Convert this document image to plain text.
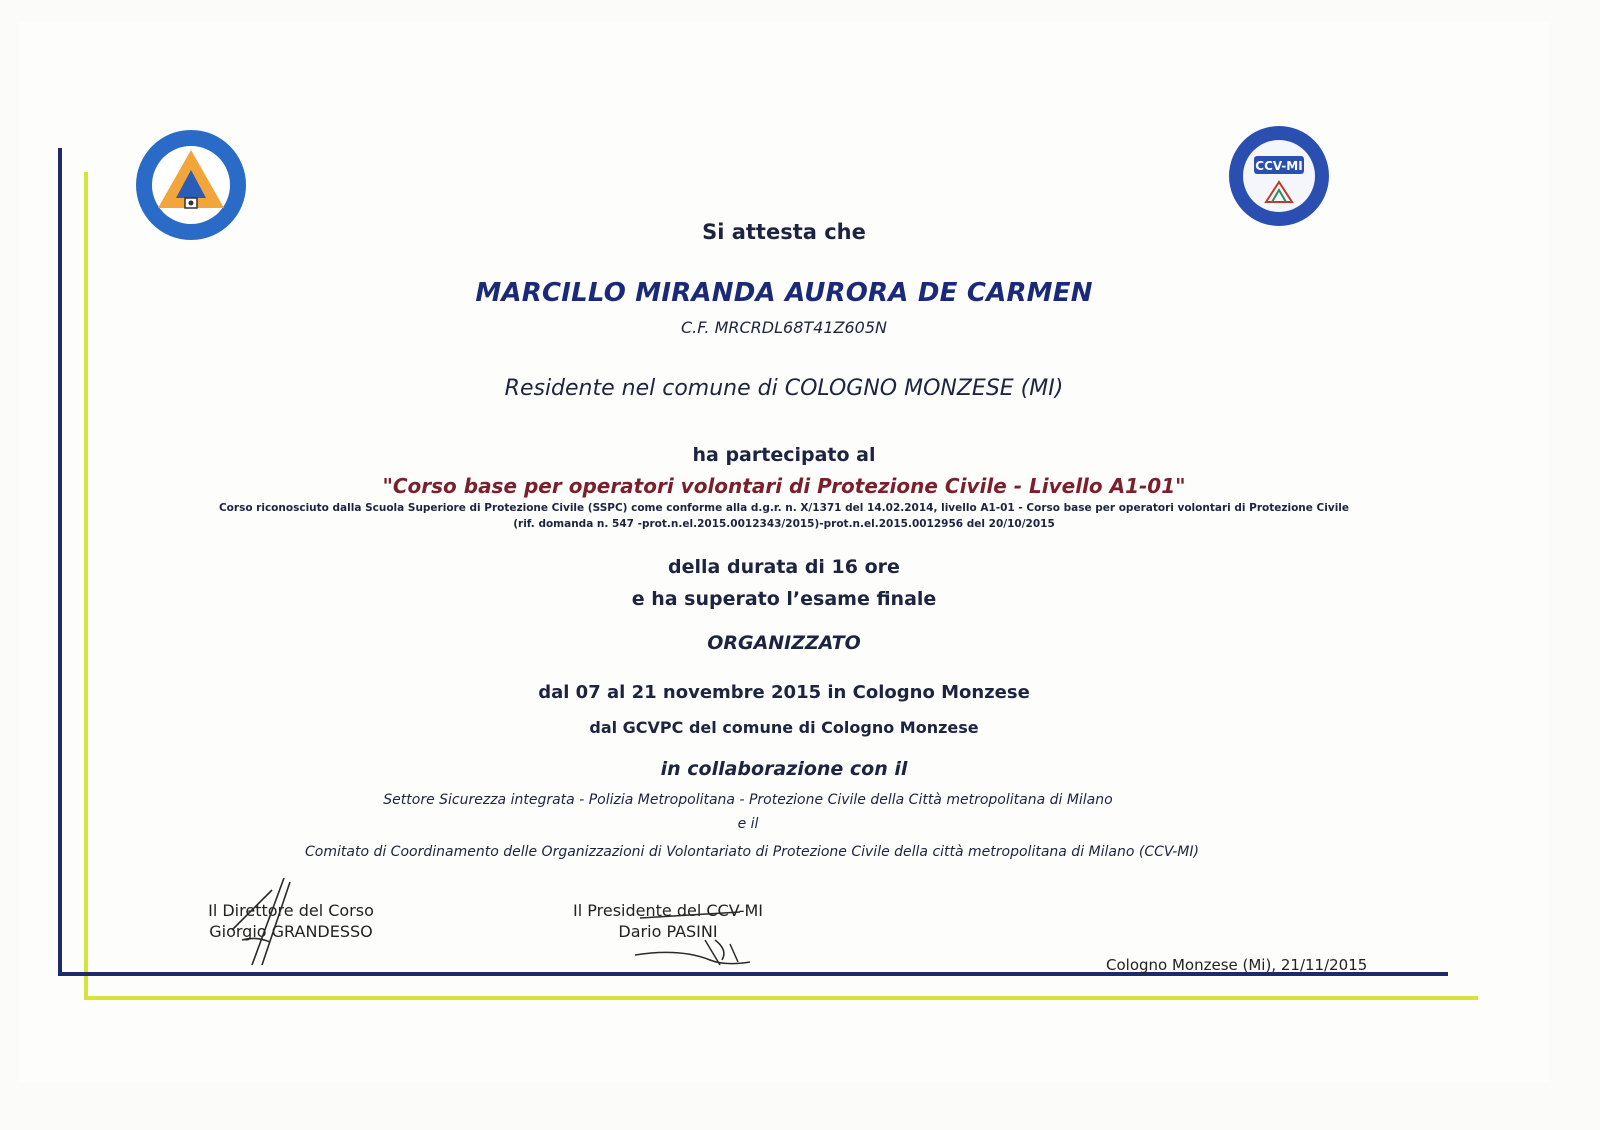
CCV-MI
Si attesta che
MARCILLO MIRANDA AURORA DE CARMEN
C.F. MRCRDL68T41Z605N
Residente nel comune di COLOGNO MONZESE (MI)
ha partecipato al
"Corso base per operatori volontari di Protezione Civile - Livello A1-01"
Corso riconosciuto dalla Scuola Superiore di Protezione Civile (SSPC) come conforme alla d.g.r. n. X/1371 del 14.02.2014, livello A1-01 - Corso base per operatori volontari di Protezione Civile
(rif. domanda n. 547 -prot.n.el.2015.0012343/2015)-prot.n.el.2015.0012956 del 20/10/2015
della durata di 16 ore
e ha superato l’esame finale
ORGANIZZATO
dal 07 al 21 novembre 2015 in Cologno Monzese
dal GCVPC del comune di Cologno Monzese
in collaborazione con il
Settore Sicurezza integrata - Polizia Metropolitana - Protezione Civile della Città metropolitana di Milano
e il
Comitato di Coordinamento delle Organizzazioni di Volontariato di Protezione Civile della città metropolitana di Milano (CCV-MI)
Il Direttore del Corso
Giorgio GRANDESSO
Il Presidente del CCV-MI
Dario PASINI
Cologno Monzese (Mi), 21/11/2015
